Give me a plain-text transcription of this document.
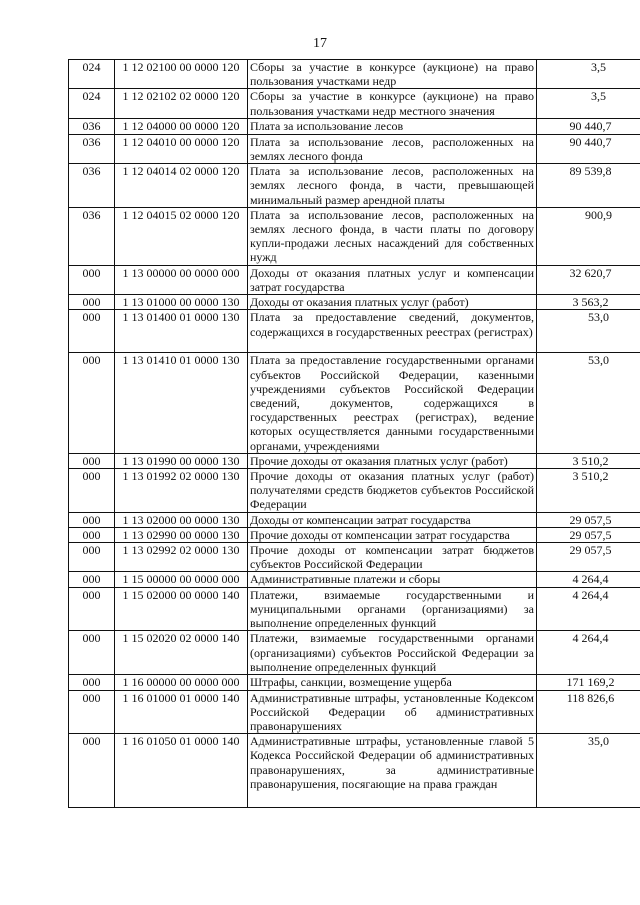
17
024	1 12 02100 00 0000 120	Сборы за участие в конкурсе (аукционе) на право пользования участками недр	3,5
024	1 12 02102 02 0000 120	Сборы за участие в конкурсе (аукционе) на право пользования участками недр местного значения	3,5
036	1 12 04000 00 0000 120	Плата за использование лесов	90 440,7
036	1 12 04010 00 0000 120	Плата за использование лесов, расположенных на землях лесного фонда	90 440,7
036	1 12 04014 02 0000 120	Плата за использование лесов, расположенных на землях лесного фонда, в части, превышающей минимальный размер арендной платы	89 539,8
036	1 12 04015 02 0000 120	Плата за использование лесов, расположенных на землях лесного фонда, в части платы по договору купли-продажи лесных насаждений для собственных нужд	900,9
000	1 13 00000 00 0000 000	Доходы от оказания платных услуг и компенсации затрат государства	32 620,7
000	1 13 01000 00 0000 130	Доходы от оказания платных услуг (работ)	3 563,2
000	1 13 01400 01 0000 130	Плата за предоставление сведений, документов, содержащихся в государственных реестрах (регистрах)	53,0
000	1 13 01410 01 0000 130	Плата за предоставление государственными органами субъектов Российской Федерации, казенными учреждениями субъектов Российской Федерации сведений, документов, содержащихся в государственных реестрах (регистрах), ведение которых осуществляется данными государственными органами, учреждениями	53,0
000	1 13 01990 00 0000 130	Прочие доходы от оказания платных услуг (работ)	3 510,2
000	1 13 01992 02 0000 130	Прочие доходы от оказания платных услуг (работ) получателями средств бюджетов субъектов Российской Федерации	3 510,2
000	1 13 02000 00 0000 130	Доходы от компенсации затрат государства	29 057,5
000	1 13 02990 00 0000 130	Прочие доходы от компенсации затрат государства	29 057,5
000	1 13 02992 02 0000 130	Прочие доходы от компенсации затрат бюджетов субъектов Российской Федерации	29 057,5
000	1 15 00000 00 0000 000	Административные платежи и сборы	4 264,4
000	1 15 02000 00 0000 140	Платежи, взимаемые государственными и муниципальными органами (организациями) за выполнение определенных функций	4 264,4
000	1 15 02020 02 0000 140	Платежи, взимаемые государственными органами (организациями) субъектов Российской Федерации за выполнение определенных функций	4 264,4
000	1 16 00000 00 0000 000	Штрафы, санкции, возмещение ущерба	171 169,2
000	1 16 01000 01 0000 140	Административные штрафы, установленные Кодексом Российской Федерации об административных правонарушениях	118 826,6
000	1 16 01050 01 0000 140	Административные штрафы, установленные главой 5 Кодекса Российской Федерации об административных правонарушениях, за административные правонарушения, посягающие на права граждан	35,0
